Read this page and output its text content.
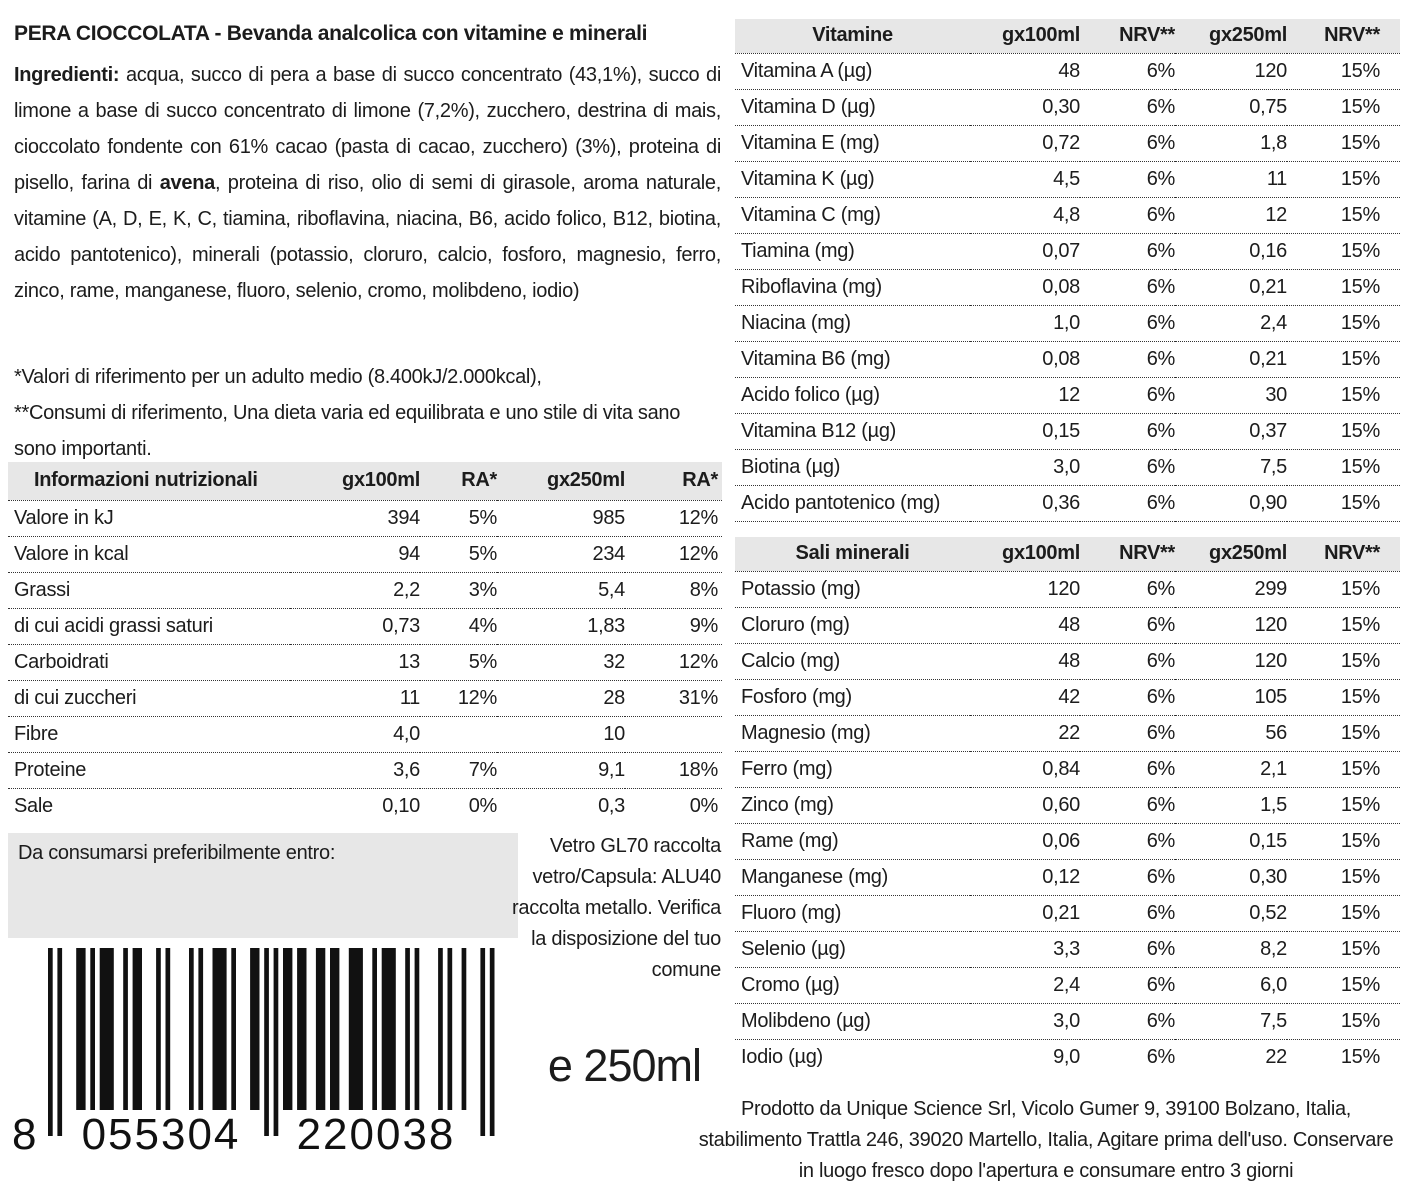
PERA CIOCCOLATA - Bevanda analcolica con vitamine e minerali

Ingredienti: acqua, succo di pera a base di succo concentrato (43,1%), succo di limone a base di succo concentrato di limone (7,2%), zucchero, destrina di mais, cioccolato fondente con 61% cacao (pasta di cacao, zucchero) (3%), proteina di pisello, farina di avena, proteina di riso, olio di semi di girasole, aroma naturale, vitamine (A, D, E, K, C, tiamina, riboflavina, niacina, B6, acido folico, B12, biotina, acido pantotenico), minerali (potassio, cloruro, calcio, fosforo, magnesio, ferro, zinco, rame, manganese, fluoro, selenio, cromo, molibdeno, iodio)

*Valori di riferimento per un adulto medio (8.400kJ/2.000kcal),
**Consumi di riferimento, Una dieta varia ed equilibrata e uno stile di vita sano sono importanti.
Informazioni nutrizionali	gx100ml	RA*	gx250ml	RA*
Valore in kJ	394	5%	985	12%
Valore in kcal	94	5%	234	12%
Grassi	2,2	3%	5,4	8%
di cui acidi grassi saturi	0,73	4%	1,83	9%
Carboidrati	13	5%	32	12%
di cui zuccheri	11	12%	28	31%
Fibre	4,0		10	
Proteine	3,6	7%	9,1	18%
Sale	0,10	0%	0,3	0%
Vitamine	gx100ml	NRV**	gx250ml	NRV**
Vitamina A (µg)	48	6%	120	15%
Vitamina D (µg)	0,30	6%	0,75	15%
Vitamina E (mg)	0,72	6%	1,8	15%
Vitamina K (µg)	4,5	6%	11	15%
Vitamina C (mg)	4,8	6%	12	15%
Tiamina (mg)	0,07	6%	0,16	15%
Riboflavina (mg)	0,08	6%	0,21	15%
Niacina (mg)	1,0	6%	2,4	15%
Vitamina B6 (mg)	0,08	6%	0,21	15%
Acido folico (µg)	12	6%	30	15%
Vitamina B12 (µg)	0,15	6%	0,37	15%
Biotina (µg)	3,0	6%	7,5	15%
Acido pantotenico (mg)	0,36	6%	0,90	15%
Sali minerali	gx100ml	NRV**	gx250ml	NRV**
Potassio (mg)	120	6%	299	15%
Cloruro (mg)	48	6%	120	15%
Calcio (mg)	48	6%	120	15%
Fosforo (mg)	42	6%	105	15%
Magnesio (mg)	22	6%	56	15%
Ferro (mg)	0,84	6%	2,1	15%
Zinco (mg)	0,60	6%	1,5	15%
Rame (mg)	0,06	6%	0,15	15%
Manganese (mg)	0,12	6%	0,30	15%
Fluoro (mg)	0,21	6%	0,52	15%
Selenio (µg)	3,3	6%	8,2	15%
Cromo (µg)	2,4	6%	6,0	15%
Molibdeno (µg)	3,0	6%	7,5	15%
Iodio (µg)	9,0	6%	22	15%
Da consumarsi preferibilmente entro:
8 055304	220038
Vetro GL70 raccolta vetro/Capsula: ALU40 raccolta metallo. Verifica la disposizione del tuo comune
e 250ml
Prodotto da Unique Science Srl, Vicolo Gumer 9, 39100 Bolzano, Italia, stabilimento Trattla 246, 39020 Martello, Italia, Agitare prima dell'uso. Conservare in luogo fresco dopo l'apertura e consumare entro 3 giorni
